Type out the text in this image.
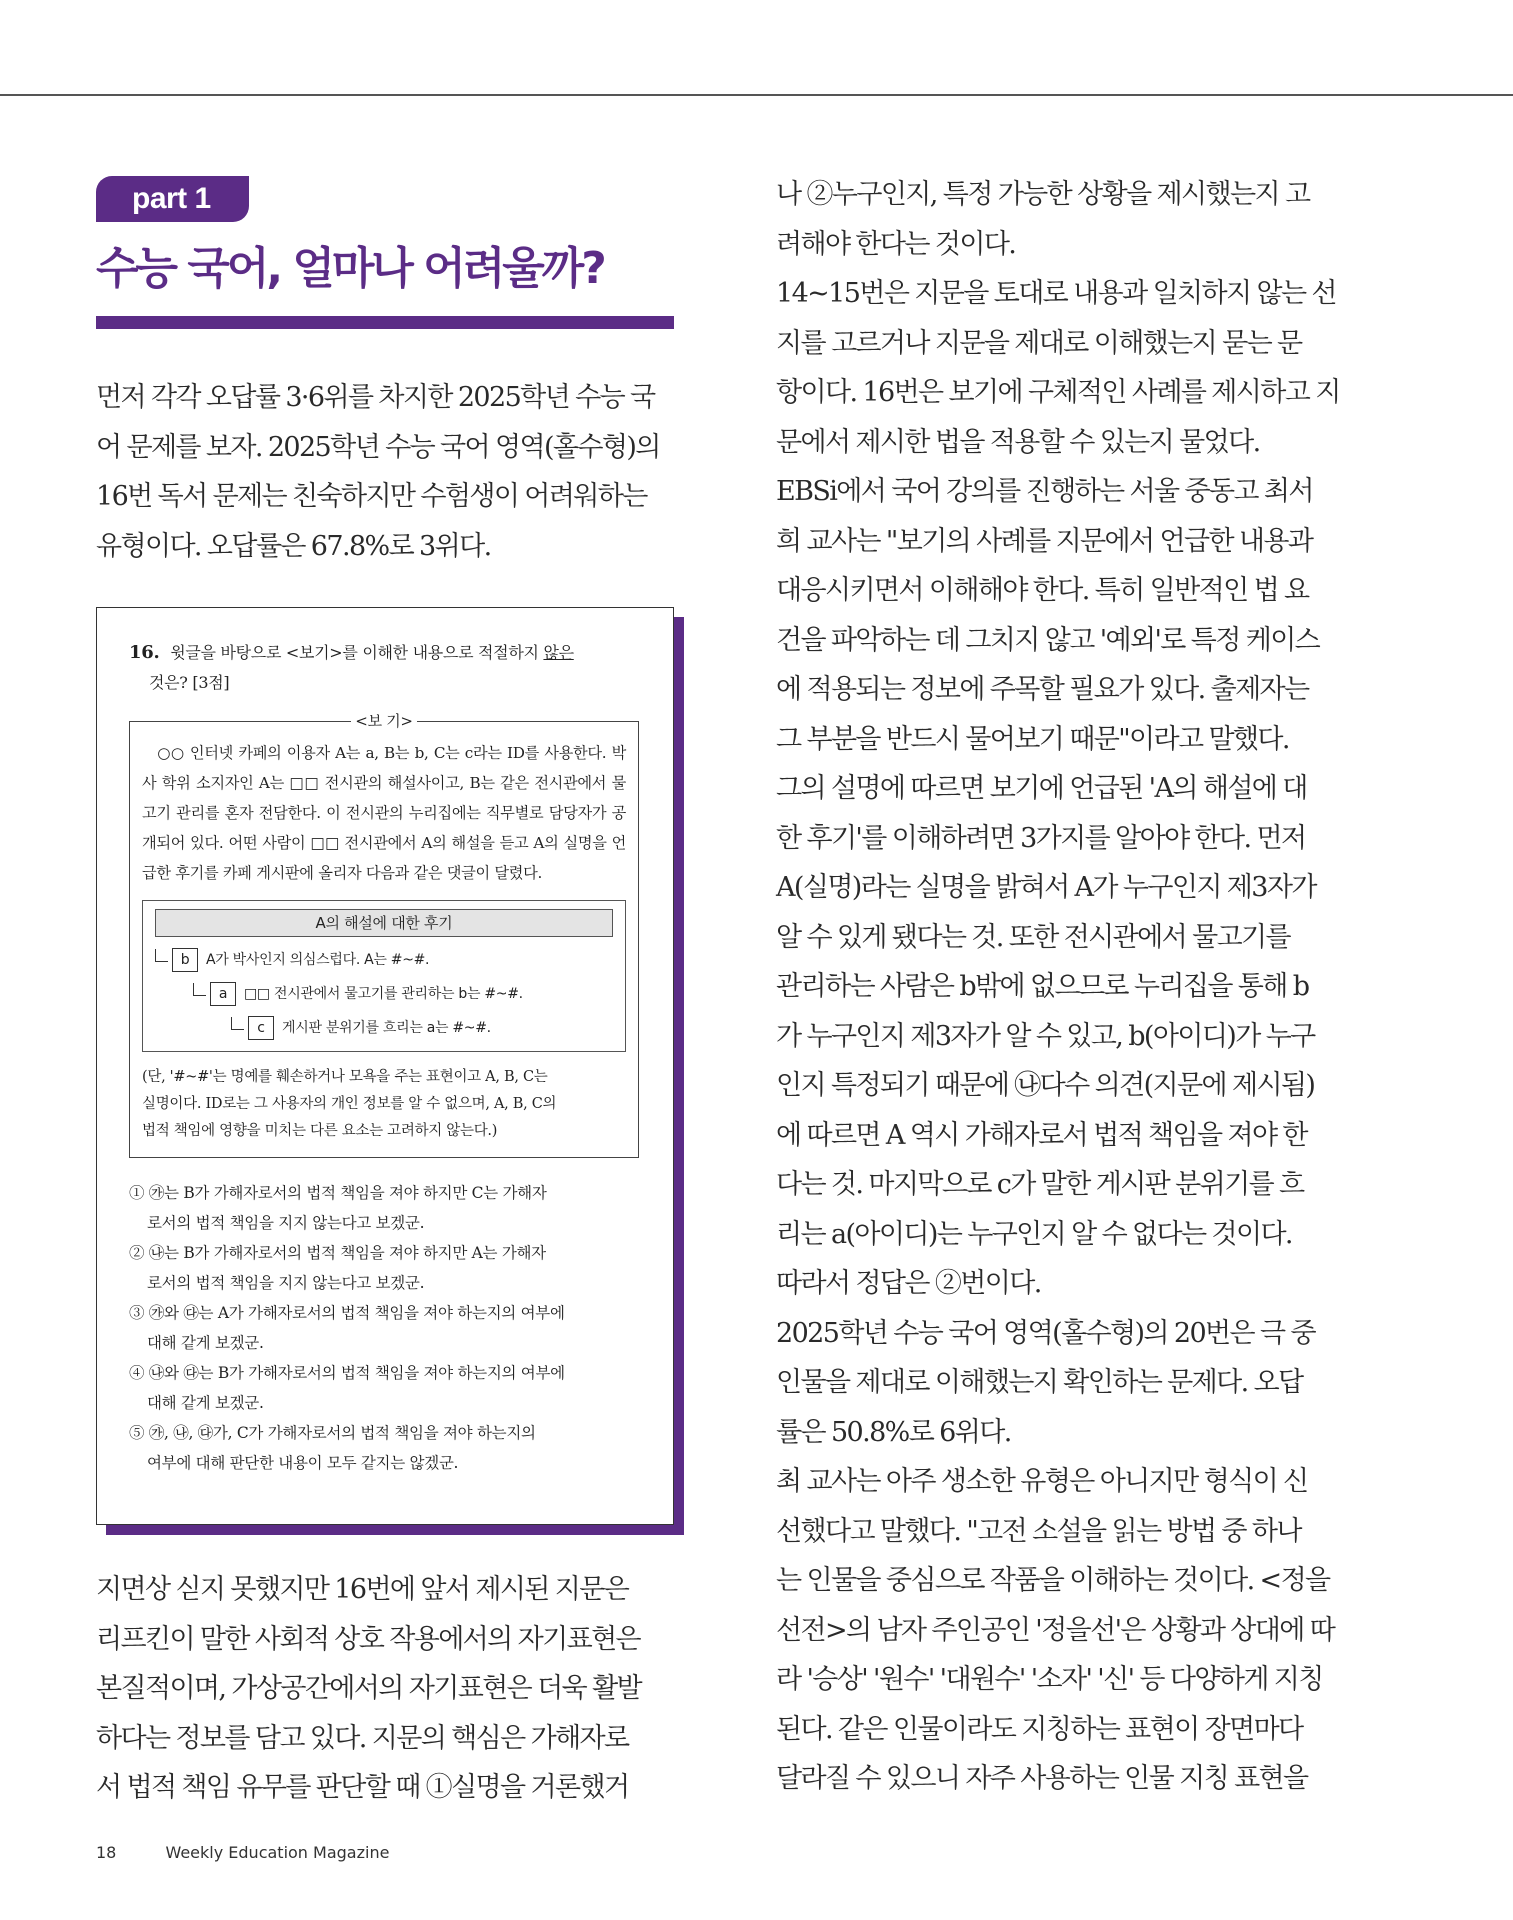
part 1
수능 국어, 얼마나 어려울까?

먼저 각각 오답률 3·6위를 차지한 2025학년 수능 국
어 문제를 보자. 2025학년 수능 국어 영역(홀수형)의
16번 독서 문제는 친숙하지만 수험생이 어려워하는
유형이다. 오답률은 67.8%로 3위다.

16. 윗글을 바탕으로 <보기>를 이해한 내용으로 적절하지 않은
것은? [3점]
<보 기>

○○ 인터넷 카페의 이용자 A는 a, B는 b, C는 c라는 ID를 사용한다. 박사 학위 소지자인 A는 □□ 전시관의 해설사이고, B는 같은 전시관에서 물고기 관리를 혼자 전담한다. 이 전시관의 누리집에는 직무별로 담당자가 공개되어 있다. 어떤 사람이 □□ 전시관에서 A의 해설을 듣고 A의 실명을 언급한 후기를 카페 게시판에 올리자 다음과 같은 댓글이 달렸다.

A의 해설에 대한 후기
b	A가 박사인지 의심스럽다. A는 #~#.
a	□□ 전시관에서 물고기를 관리하는 b는 #~#.
c	게시판 분위기를 흐리는 a는 #~#.

(단, '#~#'는 명예를 훼손하거나 모욕을 주는 표현이고 A, B, C는
실명이다. ID로는 그 사용자의 개인 정보를 알 수 없으며, A, B, C의
법적 책임에 영향을 미치는 다른 요소는 고려하지 않는다.)

① ㉮는 B가 가해자로서의 법적 책임을 져야 하지만 C는 가해자
로서의 법적 책임을 지지 않는다고 보겠군.

② ㉯는 B가 가해자로서의 법적 책임을 져야 하지만 A는 가해자
로서의 법적 책임을 지지 않는다고 보겠군.

③ ㉮와 ㉰는 A가 가해자로서의 법적 책임을 져야 하는지의 여부에
대해 같게 보겠군.

④ ㉯와 ㉰는 B가 가해자로서의 법적 책임을 져야 하는지의 여부에
대해 같게 보겠군.

⑤ ㉮, ㉯, ㉰가, C가 가해자로서의 법적 책임을 져야 하는지의
여부에 대해 판단한 내용이 모두 같지는 않겠군.

지면상 싣지 못했지만 16번에 앞서 제시된 지문은
리프킨이 말한 사회적 상호 작용에서의 자기표현은
본질적이며, 가상공간에서의 자기표현은 더욱 활발
하다는 정보를 담고 있다. 지문의 핵심은 가해자로
서 법적 책임 유무를 판단할 때 ①실명을 거론했거

나 ②누구인지, 특정 가능한 상황을 제시했는지 고
려해야 한다는 것이다.
14~15번은 지문을 토대로 내용과 일치하지 않는 선
지를 고르거나 지문을 제대로 이해했는지 묻는 문
항이다. 16번은 보기에 구체적인 사례를 제시하고 지
문에서 제시한 법을 적용할 수 있는지 물었다.
EBSi에서 국어 강의를 진행하는 서울 중동고 최서
희 교사는 "보기의 사례를 지문에서 언급한 내용과
대응시키면서 이해해야 한다. 특히 일반적인 법 요
건을 파악하는 데 그치지 않고 '예외'로 특정 케이스
에 적용되는 정보에 주목할 필요가 있다. 출제자는
그 부분을 반드시 물어보기 때문"이라고 말했다.
그의 설명에 따르면 보기에 언급된 'A의 해설에 대
한 후기'를 이해하려면 3가지를 알아야 한다. 먼저
A(실명)라는 실명을 밝혀서 A가 누구인지 제3자가
알 수 있게 됐다는 것. 또한 전시관에서 물고기를
관리하는 사람은 b밖에 없으므로 누리집을 통해 b
가 누구인지 제3자가 알 수 있고, b(아이디)가 누구
인지 특정되기 때문에 ㉯다수 의견(지문에 제시됨)
에 따르면 A 역시 가해자로서 법적 책임을 져야 한
다는 것. 마지막으로 c가 말한 게시판 분위기를 흐
리는 a(아이디)는 누구인지 알 수 없다는 것이다.
따라서 정답은 ②번이다.
2025학년 수능 국어 영역(홀수형)의 20번은 극 중
인물을 제대로 이해했는지 확인하는 문제다. 오답
률은 50.8%로 6위다.
최 교사는 아주 생소한 유형은 아니지만 형식이 신
선했다고 말했다. "고전 소설을 읽는 방법 중 하나
는 인물을 중심으로 작품을 이해하는 것이다. <정을
선전>의 남자 주인공인 '정을선'은 상황과 상대에 따
라 '승상' '원수' '대원수' '소자' '신' 등 다양하게 지칭
된다. 같은 인물이라도 지칭하는 표현이 장면마다
달라질 수 있으니 자주 사용하는 인물 지칭 표현을

18	Weekly Education Magazine
